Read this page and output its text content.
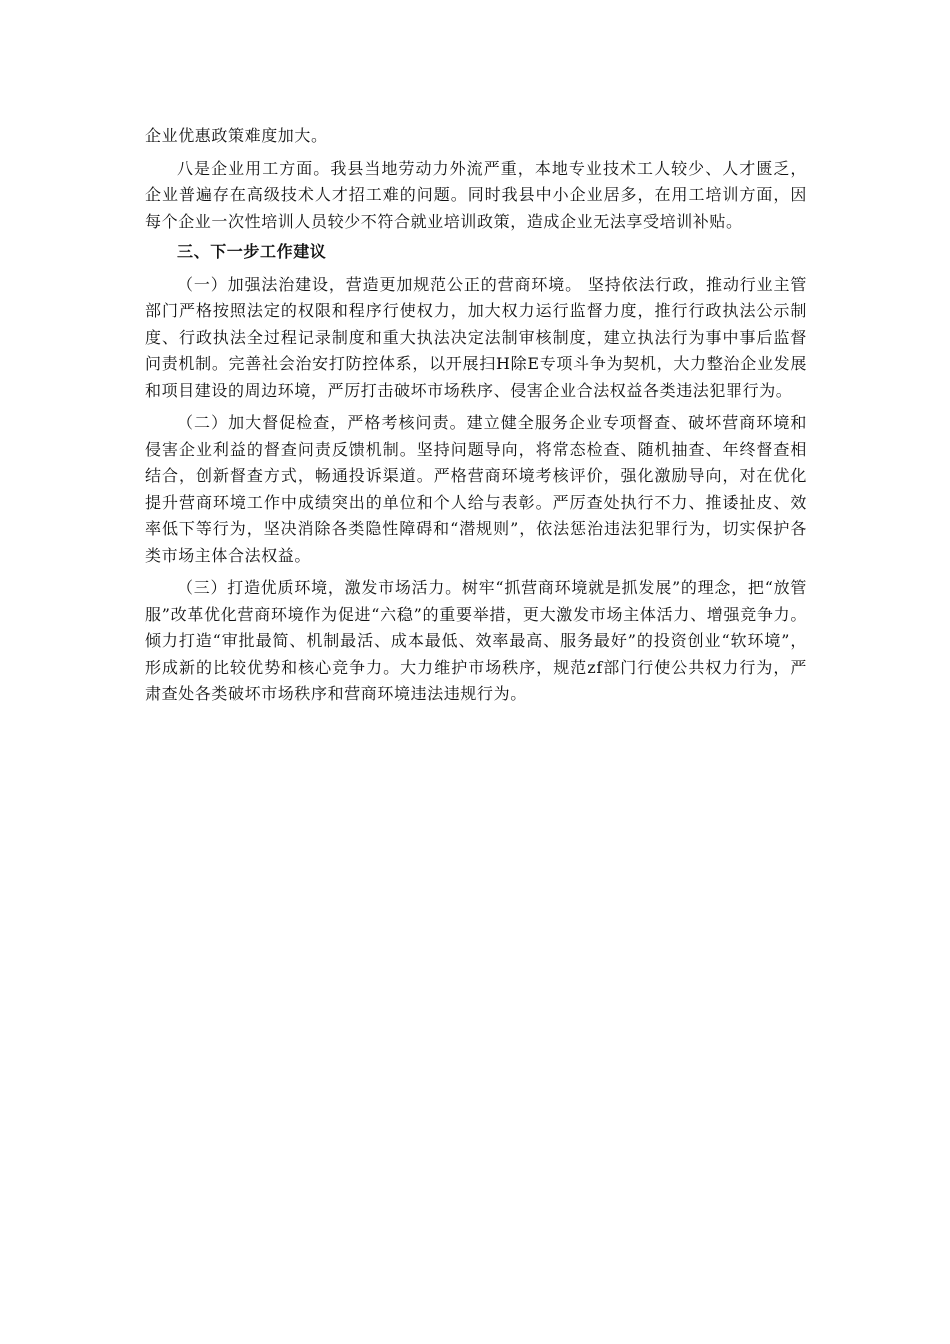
企业优惠政策难度加大。

八是企业用工方面。我县当地劳动力外流严重，本地专业技术工人较少、人才匮乏，企业普遍存在高级技术人才招工难的问题。同时我县中小企业居多，在用工培训方面，因每个企业一次性培训人员较少不符合就业培训政策，造成企业无法享受培训补贴。

三、下一步工作建议

（一）加强法治建设，营造更加规范公正的营商环境。 坚持依法行政，推动行业主管部门严格按照法定的权限和程序行使权力，加大权力运行监督力度，推行行政执法公示制度、行政执法全过程记录制度和重大执法决定法制审核制度，建立执法行为事中事后监督问责机制。完善社会治安打防控体系，以开展扫H除E专项斗争为契机，大力整治企业发展和项目建设的周边环境，严厉打击破坏市场秩序、侵害企业合法权益各类违法犯罪行为。

（二）加大督促检查，严格考核问责。建立健全服务企业专项督查、破坏营商环境和侵害企业利益的督查问责反馈机制。坚持问题导向，将常态检查、随机抽查、年终督查相结合，创新督查方式，畅通投诉渠道。严格营商环境考核评价，强化激励导向，对在优化提升营商环境工作中成绩突出的单位和个人给与表彰。严厉查处执行不力、推诿扯皮、效率低下等行为，坚决消除各类隐性障碍和“潜规则”，依法惩治违法犯罪行为，切实保护各类市场主体合法权益。

（三）打造优质环境，激发市场活力。树牢“抓营商环境就是抓发展”的理念，把“放管服”改革优化营商环境作为促进“六稳”的重要举措，更大激发市场主体活力、增强竞争力。倾力打造“审批最简、机制最活、成本最低、效率最高、服务最好”的投资创业“软环境”，形成新的比较优势和核心竞争力。大力维护市场秩序，规范zf部门行使公共权力行为，严肃查处各类破坏市场秩序和营商环境违法违规行为。
